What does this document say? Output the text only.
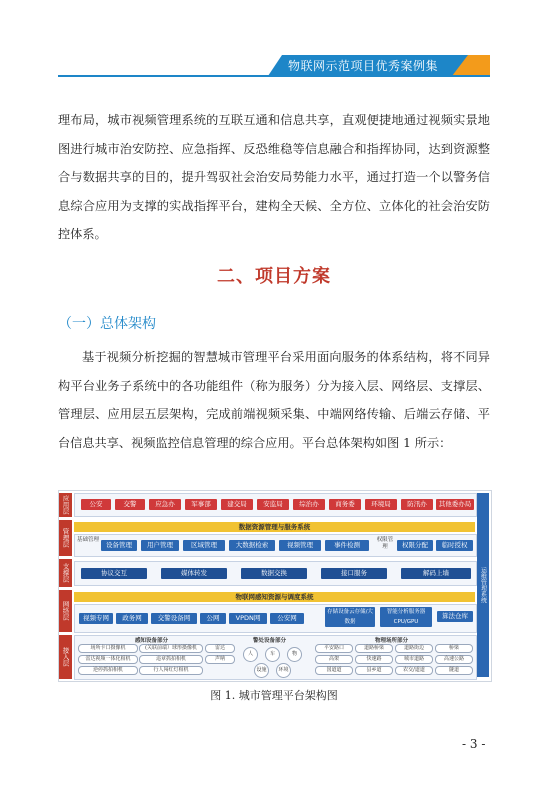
物联网示范项目优秀案例集

理布局，城市视频管理系统的互联互通和信息共享，直观便捷地通过视频实景地图进行城市治安防控、应急指挥、反恐维稳等信息融合和指挥协同，达到资源整合与数据共享的目的，提升驾驭社会治安局势能力水平，通过打造一个以警务信息综合应用为支撑的实战指挥平台，建构全天候、全方位、立体化的社会治安防控体系。

二、项目方案
（一）总体架构

基于视频分析挖掘的智慧城市管理平台采用面向服务的体系结构，将不同异构平台业务子系统中的各功能组件（称为服务）分为接入层、网络层、支撑层、管理层、应用层五层架构，完成前端视频采集、中端网络传输、后端云存储、平台信息共享、视频监控信息管理的综合应用。平台总体架构如图 1 所示：

应用层
管理层
支撑层
网络层
接入层
运维管理系统
公安	交警	应急办	军事部	建交局	安监局	综治办	商务委	环境局	防汛办	其他委办局
数据资源管理与服务系统
基础管理
设备管理	用户管理	区域管理	大数据检索	视频管理	事件检测
权限管理	权限分配	临时授权
协议交互	媒体转发	数据交换	接口服务	解码上墙
物联网感知资源与调度系统
视频专网	政务网	交警设备网	公网	VPDN网	公安网
存储设备云存储/大数据
智能分析服务器CPU/GPU
算法仓库
感知设备部分
场所卡口摄像机	(关联前端）球形摄像机	雷达
雷达视频一体化相机	违章抓拍相机	声呐
逆停抓拍相机	行人闯红灯相机
警处设备部分
人	车	物
设施	环境
物理场所部分
平安路口	道路桥梁	道路街边	桥梁
高架	快速路	城市道路	高速公路
国道道	县乡道	农交/道道	隧道
图 1. 城市管理平台架构图
- 3 -
